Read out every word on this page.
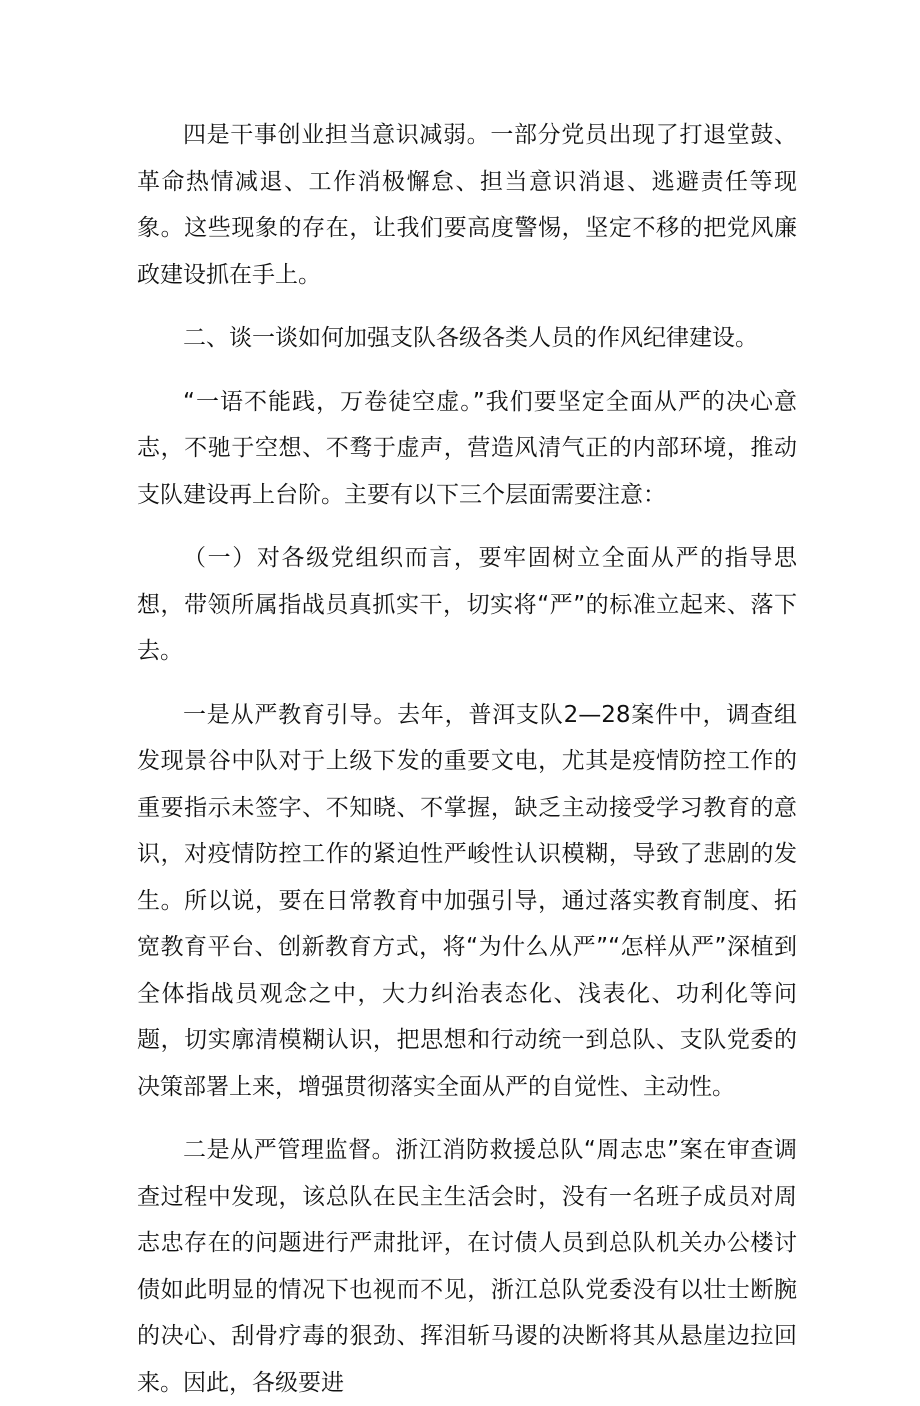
四是干事创业担当意识减弱。一部分党员出现了打退堂鼓、革命热情减退、工作消极懈怠、担当意识消退、逃避责任等现象。这些现象的存在，让我们要高度警惕，坚定不移的把党风廉政建设抓在手上。

二、谈一谈如何加强支队各级各类人员的作风纪律建设。

“一语不能践，万卷徒空虚。”我们要坚定全面从严的决心意志，不驰于空想、不骛于虚声，营造风清气正的内部环境，推动支队建设再上台阶。主要有以下三个层面需要注意：

（一）对各级党组织而言，要牢固树立全面从严的指导思想，带领所属指战员真抓实干，切实将“严”的标准立起来、落下去。

一是从严教育引导。去年，普洱支队2—28案件中，调查组发现景谷中队对于上级下发的重要文电，尤其是疫情防控工作的重要指示未签字、不知晓、不掌握，缺乏主动接受学习教育的意识，对疫情防控工作的紧迫性严峻性认识模糊，导致了悲剧的发生。所以说，要在日常教育中加强引导，通过落实教育制度、拓宽教育平台、创新教育方式，将“为什么从严”“怎样从严”深植到全体指战员观念之中，大力纠治表态化、浅表化、功利化等问题，切实廓清模糊认识，把思想和行动统一到总队、支队党委的决策部署上来，增强贯彻落实全面从严的自觉性、主动性。

二是从严管理监督。浙江消防救援总队“周志忠”案在审查调查过程中发现，该总队在民主生活会时，没有一名班子成员对周志忠存在的问题进行严肃批评，在讨债人员到总队机关办公楼讨债如此明显的情况下也视而不见，浙江总队党委没有以壮士断腕的决心、刮骨疗毒的狠劲、挥泪斩马谡的决断将其从悬崖边拉回来。因此，各级要进
